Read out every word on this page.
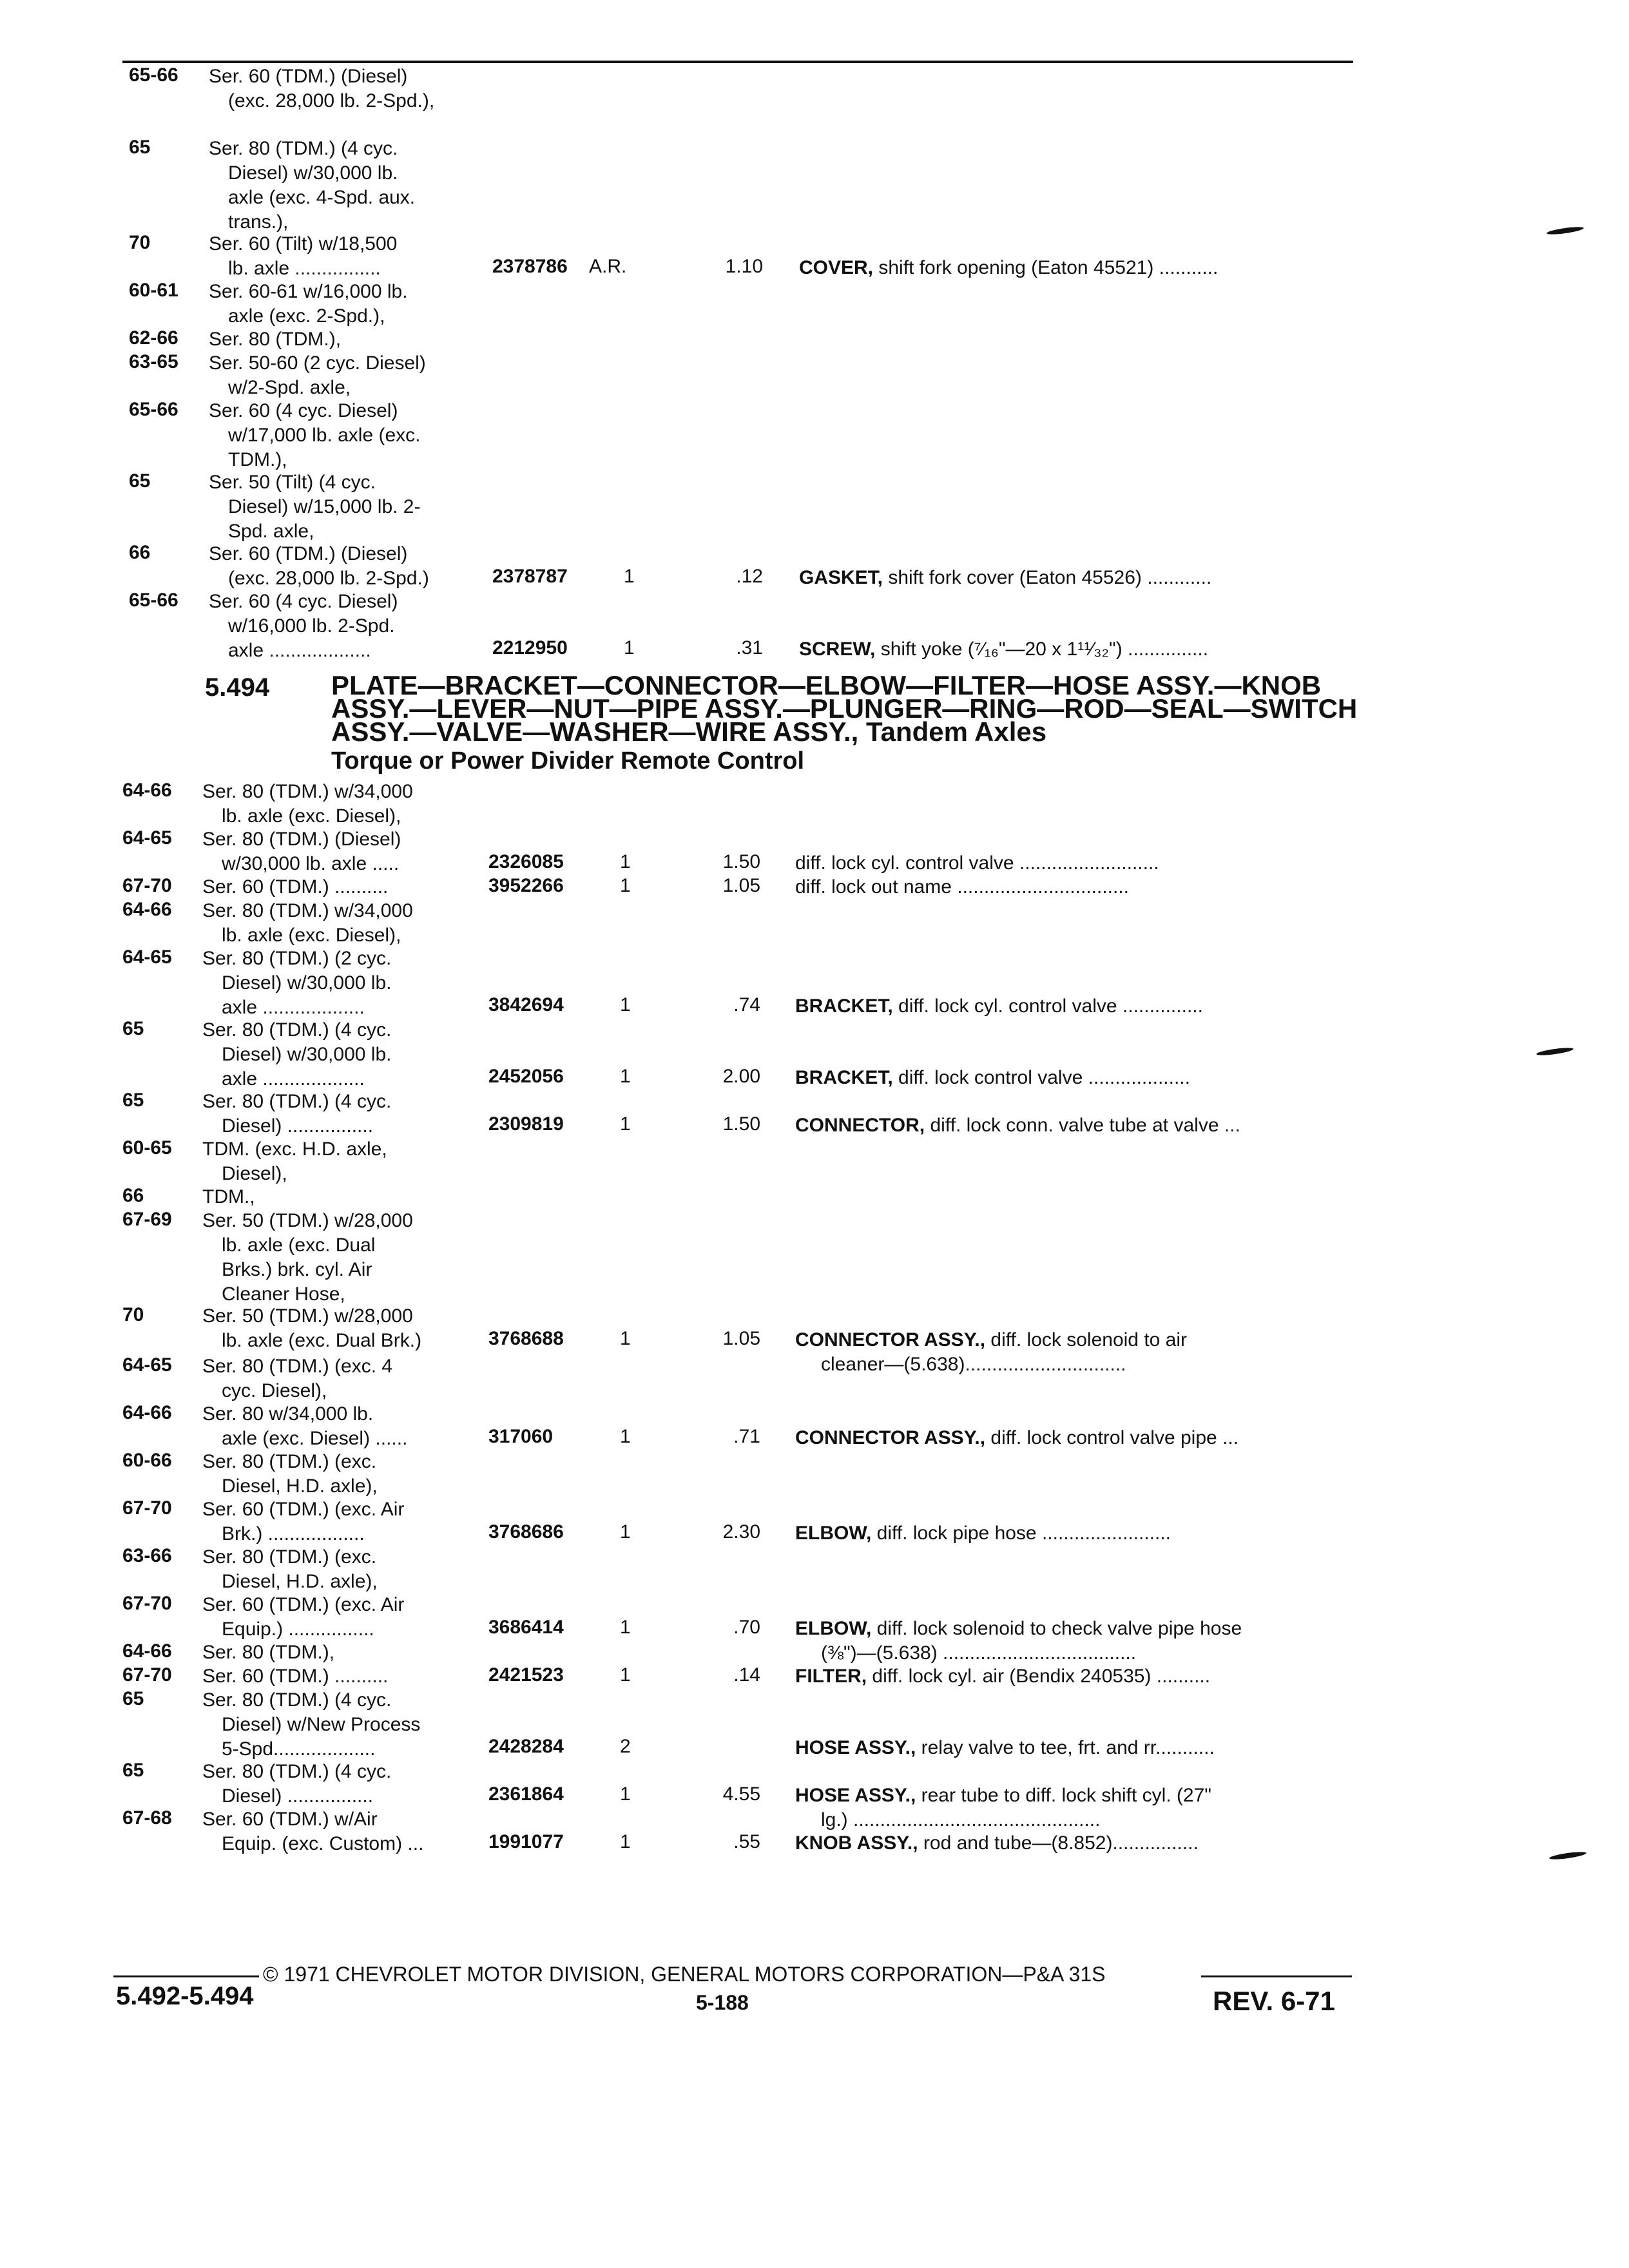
65-66 Ser. 60 (TDM.) (Diesel)
(exc. 28,000 lb. 2-Spd.),
65	Ser. 80 (TDM.) (4 cyc.
Diesel) w/30,000 lb.
axle (exc. 4-Spd. aux.
trans.),
70	Ser. 60 (Tilt) w/18,500
lb. axle ................	2378786 A.R.	1.10 COVER, shift fork opening (Eaton 45521) ...........
60-61 Ser. 60-61 w/16,000 lb.
axle (exc. 2-Spd.),
62-66 Ser. 80 (TDM.),
63-65 Ser. 50-60 (2 cyc. Diesel)
w/2-Spd. axle,
65-66 Ser. 60 (4 cyc. Diesel)
w/17,000 lb. axle (exc.
TDM.),
65	Ser. 50 (Tilt) (4 cyc.
Diesel) w/15,000 lb. 2-
Spd. axle,
66	Ser. 60 (TDM.) (Diesel)
(exc. 28,000 lb. 2-Spd.)	2378787	1	.12 GASKET, shift fork cover (Eaton 45526) ............
65-66 Ser. 60 (4 cyc. Diesel)
w/16,000 lb. 2-Spd.
axle ...................	2212950	1	.31 SCREW, shift yoke (⁷⁄₁₆"—20 x 1¹¹⁄₃₂") ...............
5.494 PLATE—BRACKET—CONNECTOR—ELBOW—FILTER—HOSE ASSY.—KNOB ASSY.—LEVER—NUT—PIPE ASSY.—PLUNGER—RING—ROD—SEAL—SWITCH ASSY.—VALVE—WASHER—WIRE ASSY., Tandem Axles
Torque or Power Divider Remote Control
64-66 Ser. 80 (TDM.) w/34,000
lb. axle (exc. Diesel),
64-65 Ser. 80 (TDM.) (Diesel)
w/30,000 lb. axle .....	2326085	1	1.50 diff. lock cyl. control valve ..........................
67-70 Ser. 60 (TDM.) ..........	3952266	1	1.05 diff. lock out name ................................
64-66 Ser. 80 (TDM.) w/34,000
lb. axle (exc. Diesel),
64-65 Ser. 80 (TDM.) (2 cyc.
Diesel) w/30,000 lb.
axle ...................	3842694	1	.74 BRACKET, diff. lock cyl. control valve ...............
65	Ser. 80 (TDM.) (4 cyc.
Diesel) w/30,000 lb.
axle ...................	2452056	1	2.00 BRACKET, diff. lock control valve ...................
65	Ser. 80 (TDM.) (4 cyc.
Diesel) ................	2309819	1	1.50 CONNECTOR, diff. lock conn. valve tube at valve ...
60-65 TDM. (exc. H.D. axle,
Diesel),
66	TDM.,
67-69 Ser. 50 (TDM.) w/28,000
lb. axle (exc. Dual
Brks.) brk. cyl. Air
Cleaner Hose,
70	Ser. 50 (TDM.) w/28,000
lb. axle (exc. Dual Brk.)	3768688	1	1.05 CONNECTOR ASSY., diff. lock solenoid to air
cleaner—(5.638)..............................
64-65 Ser. 80 (TDM.) (exc. 4
cyc. Diesel),
64-66 Ser. 80 w/34,000 lb.
axle (exc. Diesel) ......	317060	1	.71 CONNECTOR ASSY., diff. lock control valve pipe ...
60-66 Ser. 80 (TDM.) (exc.
Diesel, H.D. axle),
67-70 Ser. 60 (TDM.) (exc. Air
Brk.) ..................	3768686	1	2.30 ELBOW, diff. lock pipe hose ........................
63-66 Ser. 80 (TDM.) (exc.
Diesel, H.D. axle),
67-70 Ser. 60 (TDM.) (exc. Air
Equip.) ................	3686414	1	.70 ELBOW, diff. lock solenoid to check valve pipe hose
(⅜")—(5.638) ....................................
64-66 Ser. 80 (TDM.),
67-70 Ser. 60 (TDM.) ..........	2421523	1	.14 FILTER, diff. lock cyl. air (Bendix 240535) ..........
65	Ser. 80 (TDM.) (4 cyc.
Diesel) w/New Process
5-Spd...................	2428284	2	HOSE ASSY., relay valve to tee, frt. and rr...........
65	Ser. 80 (TDM.) (4 cyc.
Diesel) ................	2361864	1	4.55 HOSE ASSY., rear tube to diff. lock shift cyl. (27"
lg.) ..............................................
67-68 Ser. 60 (TDM.) w/Air
Equip. (exc. Custom) ...	1991077	1	.55 KNOB ASSY., rod and tube—(8.852)................
© 1971 CHEVROLET MOTOR DIVISION, GENERAL MOTORS CORPORATION—P&A 31S
5.492-5.494	5-188	REV. 6-71
